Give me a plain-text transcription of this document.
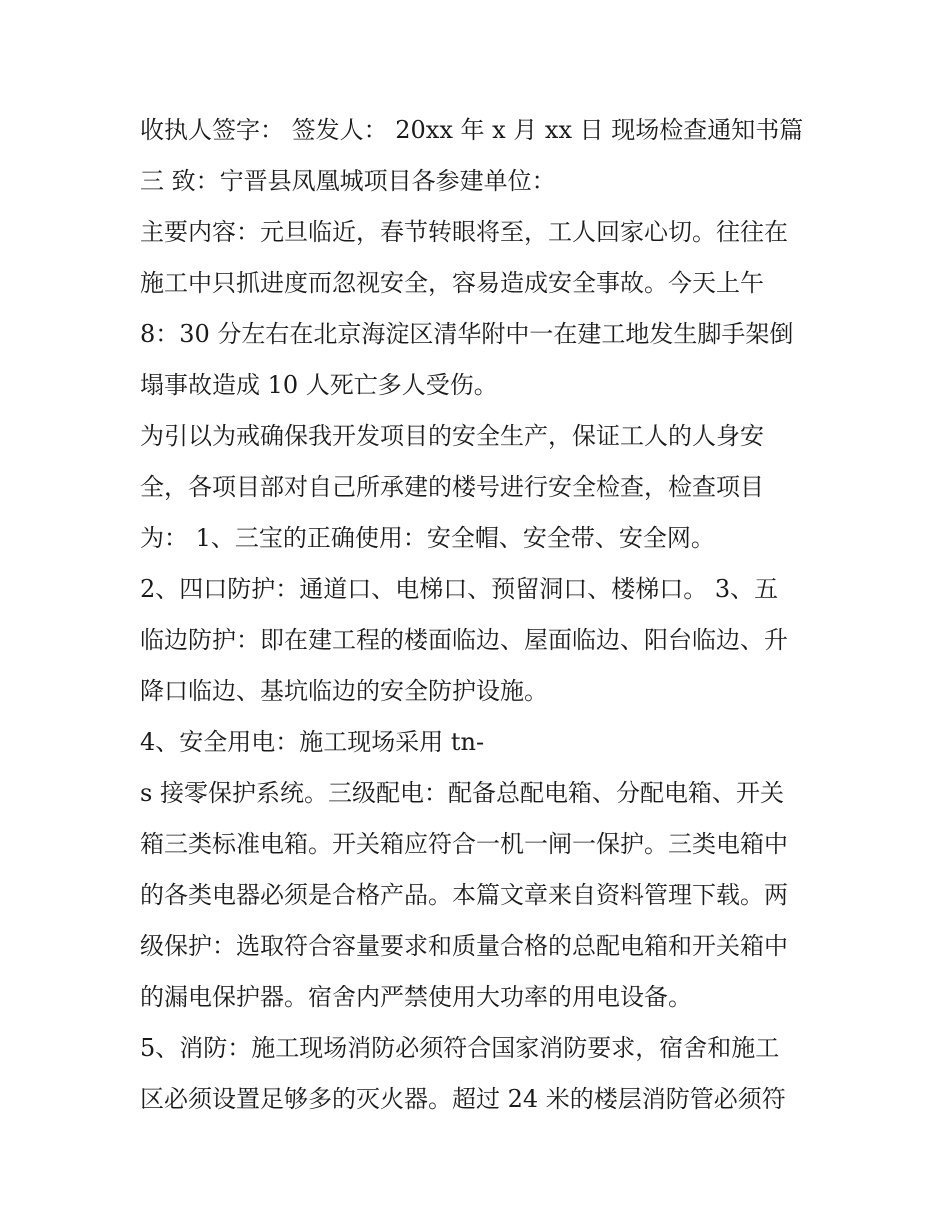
收执人签字： 签发人： 20xx 年 x 月 xx 日 现场检查通知书篇

三 致：宁晋县凤凰城项目各参建单位：

主要内容：元旦临近，春节转眼将至，工人回家心切。往往在

施工中只抓进度而忽视安全，容易造成安全事故。今天上午

8：30 分左右在北京海淀区清华附中一在建工地发生脚手架倒

塌事故造成 10 人死亡多人受伤。

为引以为戒确保我开发项目的安全生产，保证工人的人身安

全，各项目部对自己所承建的楼号进行安全检查，检查项目

为： 1、三宝的正确使用：安全帽、安全带、安全网。

2、四口防护：通道口、电梯口、预留洞口、楼梯口。 3、五

临边防护：即在建工程的楼面临边、屋面临边、阳台临边、升

降口临边、基坑临边的安全防护设施。

4、安全用电：施工现场采用 tn-

s 接零保护系统。三级配电：配备总配电箱、分配电箱、开关

箱三类标准电箱。开关箱应符合一机一闸一保护。三类电箱中

的各类电器必须是合格产品。本篇文章来自资料管理下载。两

级保护：选取符合容量要求和质量合格的总配电箱和开关箱中

的漏电保护器。宿舍内严禁使用大功率的用电设备。

5、消防：施工现场消防必须符合国家消防要求，宿舍和施工

区必须设置足够多的灭火器。超过 24 米的楼层消防管必须符
